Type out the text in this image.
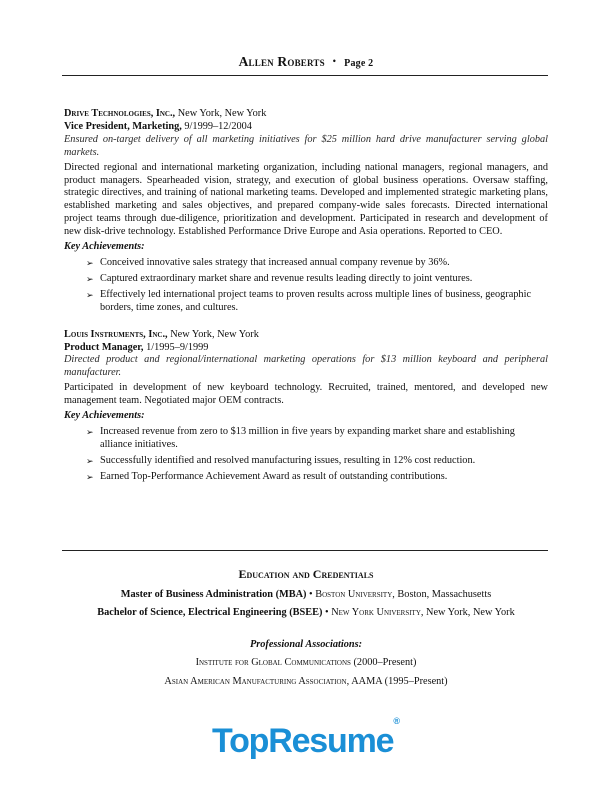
Allen Roberts • Page 2
Drive Technologies, Inc., New York, New York
Vice President, Marketing, 9/1999–12/2004
Ensured on-target delivery of all marketing initiatives for $25 million hard drive manufacturer serving global markets.
Directed regional and international marketing organization, including national managers, regional managers, and product managers. Spearheaded vision, strategy, and execution of global business operations. Oversaw staffing, strategic directives, and training of national marketing teams. Developed and implemented strategic marketing plans, established marketing and sales objectives, and prepared company-wide sales forecasts. Directed international project teams through due-diligence, prioritization and development. Participated in research and development of new disk-drive technology. Established Performance Drive Europe and Asia operations. Reported to CEO.
Key Achievements:
➢ Conceived innovative sales strategy that increased annual company revenue by 36%.
➢ Captured extraordinary market share and revenue results leading directly to joint ventures.
➢ Effectively led international project teams to proven results across multiple lines of business, geographic borders, time zones, and cultures.
Louis Instruments, Inc., New York, New York
Product Manager, 1/1995–9/1999
Directed product and regional/international marketing operations for $13 million keyboard and peripheral manufacturer.
Participated in development of new keyboard technology. Recruited, trained, mentored, and developed new management team. Negotiated major OEM contracts.
Key Achievements:
➢ Increased revenue from zero to $13 million in five years by expanding market share and establishing alliance initiatives.
➢ Successfully identified and resolved manufacturing issues, resulting in 12% cost reduction.
➢ Earned Top-Performance Achievement Award as result of outstanding contributions.
Education and Credentials
Master of Business Administration (MBA) • Boston University, Boston, Massachusetts
Bachelor of Science, Electrical Engineering (BSEE) • New York University, New York, New York
Professional Associations:
Institute for Global Communications (2000–Present)
Asian American Manufacturing Association, AAMA (1995–Present)
TopResume®
